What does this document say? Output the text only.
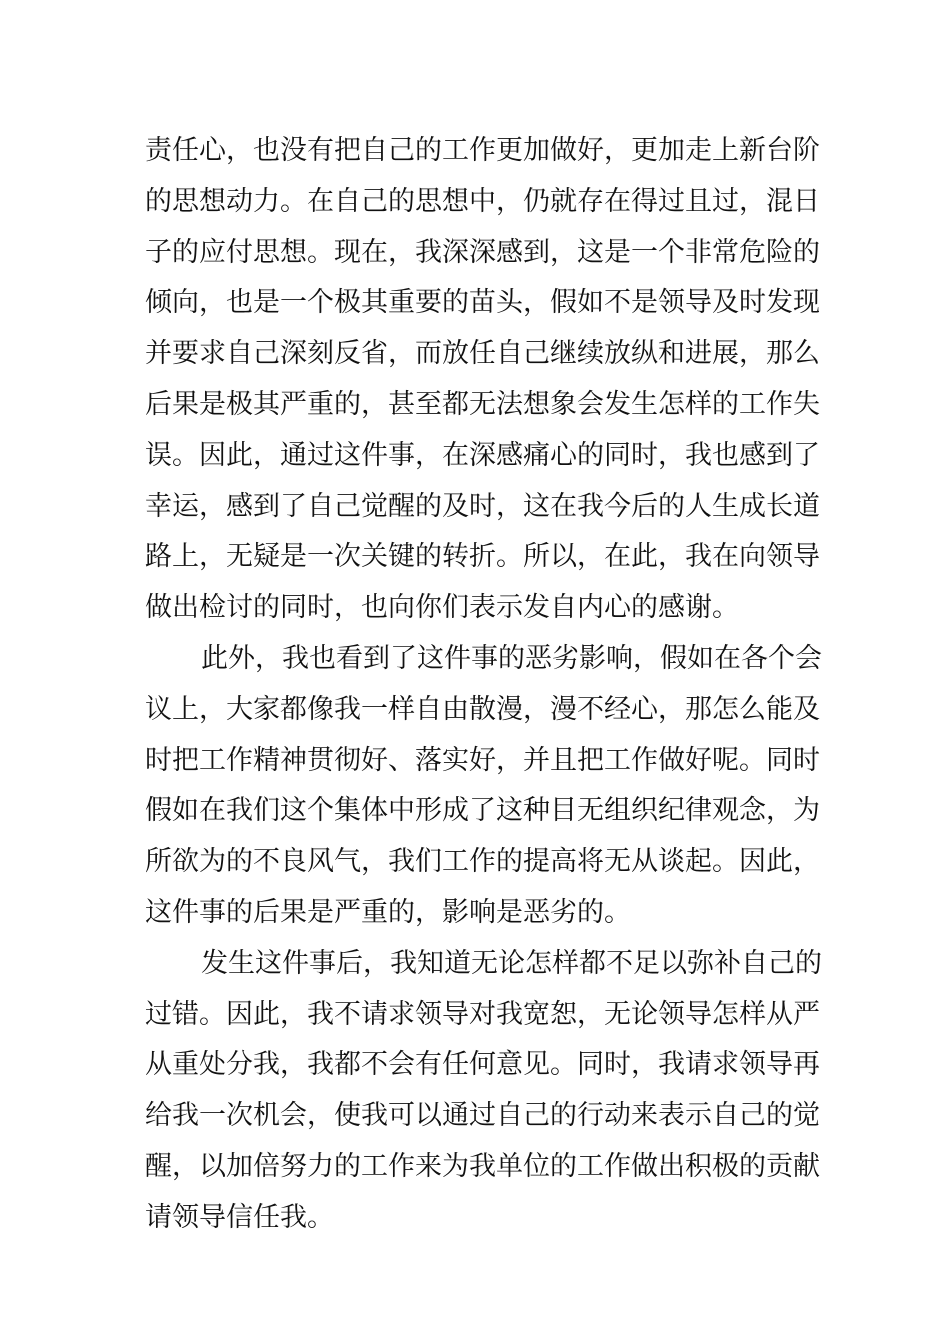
责任心，也没有把自己的工作更加做好，更加走上新台阶
的思想动力。在自己的思想中，仍就存在得过且过，混日
子的应付思想。现在，我深深感到，这是一个非常危险的
倾向，也是一个极其重要的苗头，假如不是领导及时发现
并要求自己深刻反省，而放任自己继续放纵和进展，那么
后果是极其严重的，甚至都无法想象会发生怎样的工作失
误。因此，通过这件事，在深感痛心的同时，我也感到了
幸运，感到了自己觉醒的及时，这在我今后的人生成长道
路上，无疑是一次关键的转折。所以，在此，我在向领导
做出检讨的同时，也向你们表示发自内心的感谢。
此外，我也看到了这件事的恶劣影响，假如在各个会
议上，大家都像我一样自由散漫，漫不经心，那怎么能及
时把工作精神贯彻好、落实好，并且把工作做好呢。同时
假如在我们这个集体中形成了这种目无组织纪律观念，为
所欲为的不良风气，我们工作的提高将无从谈起。因此，
这件事的后果是严重的，影响是恶劣的。
发生这件事后，我知道无论怎样都不足以弥补自己的
过错。因此，我不请求领导对我宽恕，无论领导怎样从严
从重处分我，我都不会有任何意见。同时，我请求领导再
给我一次机会，使我可以通过自己的行动来表示自己的觉
醒，以加倍努力的工作来为我单位的工作做出积极的贡献
请领导信任我。
